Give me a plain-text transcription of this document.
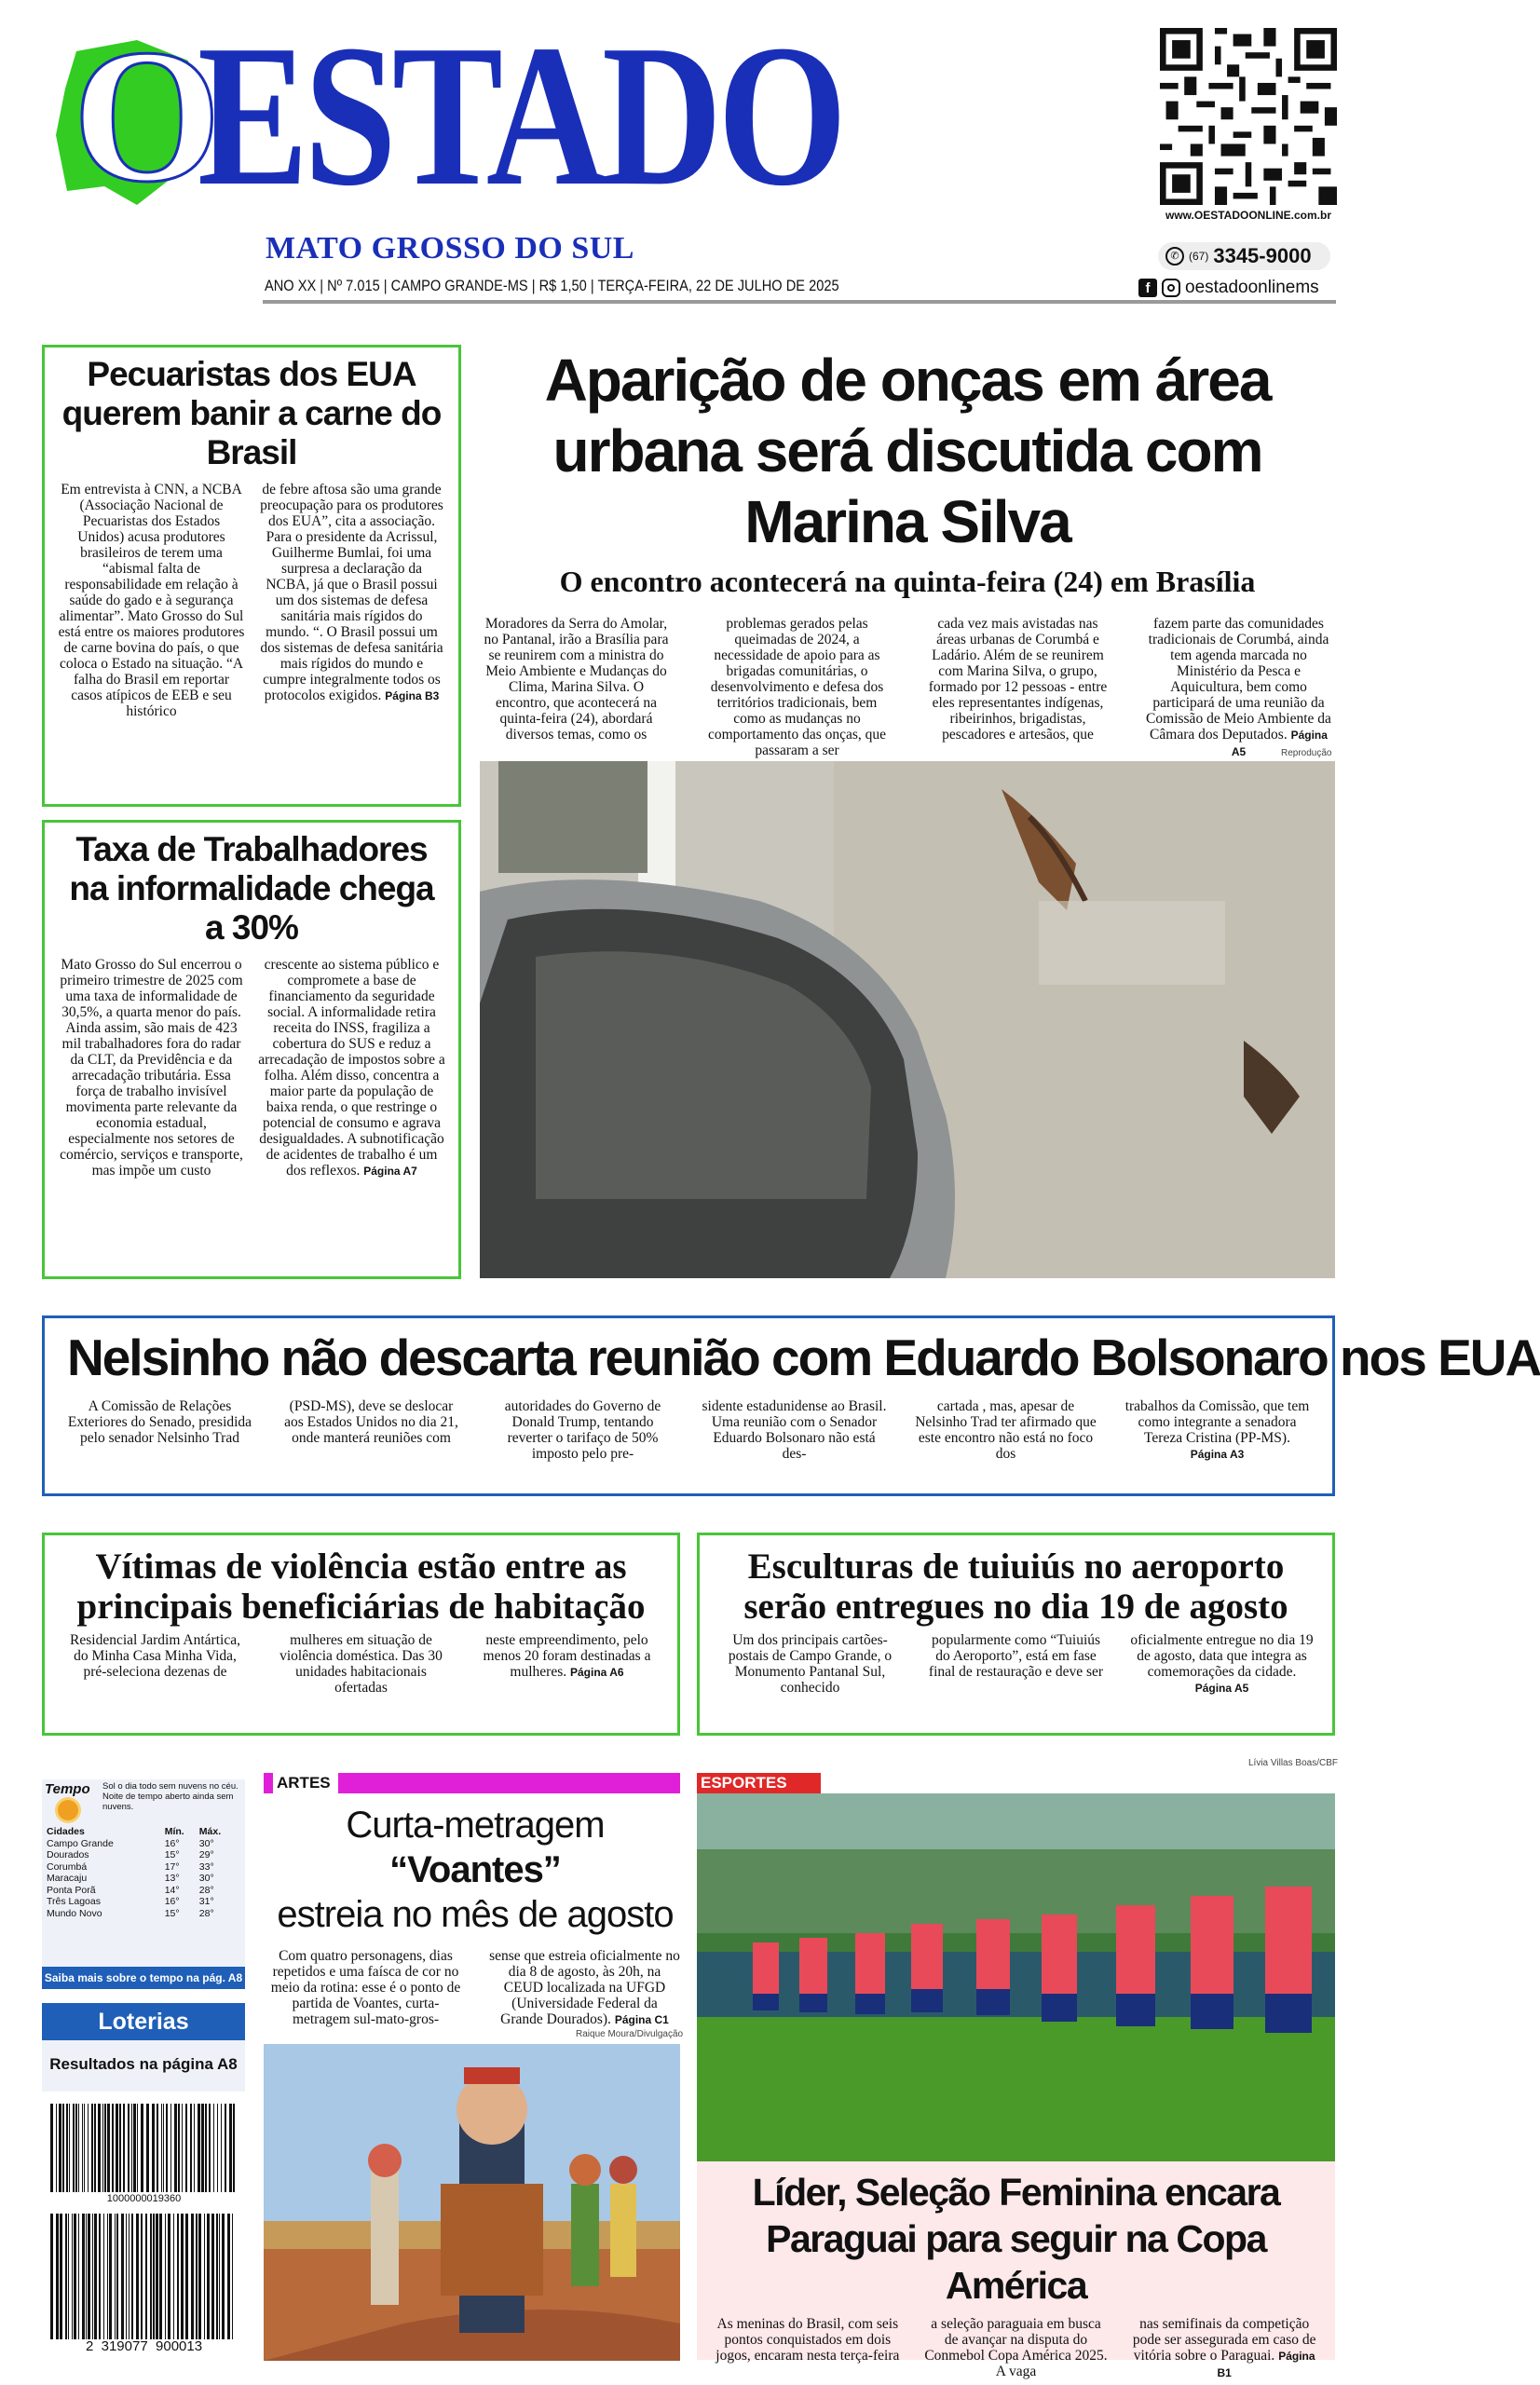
O
ESTADO
MATO GROSSO DO SUL
ANO XX | Nº 7.015 | CAMPO GRANDE-MS | R$ 1,50 | TERÇA-FEIRA, 22 DE JULHO DE 2025
www.OESTADOONLINE.com.br
✆ (67) 3345-9000
f	oestadoonlinems
Pecuaristas dos EUA querem banir a carne do Brasil
Em entrevista à CNN, a NCBA (Associação Nacional de Pecuaristas dos Estados Unidos) acusa produtores brasileiros de terem uma “abismal falta de responsabilidade em relação à saúde do gado e à segurança alimentar”. Mato Grosso do Sul está entre os maiores produtores de carne bovina do país, o que coloca o Estado na situação. “A falha do Brasil em reportar casos atípicos de EEB e seu histórico
de febre aftosa são uma grande preocupação para os produtores dos EUA”, cita a associação. Para o presidente da Acrissul, Guilherme Bumlai, foi uma surpresa a declaração da NCBA, já que o Brasil possui um dos sistemas de defesa sanitária mais rígidos do mundo. “. O Brasil possui um dos sistemas de defesa sanitária mais rígidos do mundo e cumpre integralmente todos os protocolos exigidos. Página B3
Aparição de onças em área urbana será discutida com Marina Silva
O encontro acontecerá na quinta-feira (24) em Brasília
Moradores da Serra do Amolar, no Pantanal, irão a Brasília para se reunirem com a ministra do Meio Ambiente e Mudanças do Clima, Marina Silva. O encontro, que acontecerá na quinta-feira (24), abordará diversos temas, como os
problemas gerados pelas queimadas de 2024, a necessidade de apoio para as brigadas comunitárias, o desenvolvimento e defesa dos territórios tradicionais, bem como as mudanças no comportamento das onças, que passaram a ser
cada vez mais avistadas nas áreas urbanas de Corumbá e Ladário. Além de se reunirem com Marina Silva, o grupo, formado por 12 pessoas - entre eles representantes indígenas, ribeirinhos, brigadistas, pescadores e artesãos, que
fazem parte das comunidades tradicionais de Corumbá, ainda tem agenda marcada no Ministério da Pesca e Aquicultura, bem como participará de uma reunião da Comissão de Meio Ambiente da Câmara dos Deputados. Página A5	Reprodução
Taxa de Trabalhadores na informalidade chega a 30%
Mato Grosso do Sul encerrou o primeiro trimestre de 2025 com uma taxa de informalidade de 30,5%, a quarta menor do país. Ainda assim, são mais de 423 mil trabalhadores fora do radar da CLT, da Previdência e da arrecadação tributária. Essa força de trabalho invisível movimenta parte relevante da economia estadual, especialmente nos setores de comércio, serviços e transporte, mas impõe um custo
crescente ao sistema público e compromete a base de financiamento da seguridade social. A informalidade retira receita do INSS, fragiliza a cobertura do SUS e reduz a arrecadação de impostos sobre a folha. Além disso, concentra a maior parte da população de baixa renda, o que restringe o potencial de consumo e agrava desigualdades. A subnotificação de acidentes de trabalho é um dos reflexos. Página A7
Nelsinho não descarta reunião com Eduardo Bolsonaro nos EUA
A Comissão de Relações Exteriores do Senado, presidida pelo senador Nelsinho Trad
(PSD-MS), deve se deslocar aos Estados Unidos no dia 21, onde manterá reuniões com
autoridades do Governo de Donald Trump, tentando reverter o tarifaço de 50% imposto pelo pre-
sidente estadunidense ao Brasil. Uma reunião com o Senador Eduardo Bolsonaro não está des-
cartada , mas, apesar de Nelsinho Trad ter afirmado que este encontro não está no foco dos
trabalhos da Comissão, que tem como integrante a senadora Tereza Cristina (PP-MS). Página A3
Vítimas de violência estão entre as principais beneficiárias de habitação
Residencial Jardim Antártica, do Minha Casa Minha Vida, pré-seleciona dezenas de
mulheres em situação de violência doméstica. Das 30 unidades habitacionais ofertadas
neste empreendimento, pelo menos 20 foram destinadas a mulheres. Página A6
Esculturas de tuiuiús no aeroporto serão entregues no dia 19 de agosto
Um dos principais cartões-postais de Campo Grande, o Monumento Pantanal Sul, conhecido
popularmente como “Tuiuiús do Aeroporto”, está em fase final de restauração e deve ser
oficialmente entregue no dia 19 de agosto, data que integra as comemorações da cidade. Página A5
Tempo	Sol o dia todo sem nuvens no céu. Noite de tempo aberto ainda sem nuvens.
Cidades	Mín.	Máx.
Campo Grande	16°	30°
Dourados	15°	29°
Corumbá	17°	33°
Maracaju	13°	30°
Ponta Porã	14°	28°
Três Lagoas	16°	31°
Mundo Novo	15°	28°
Saiba mais sobre o tempo na pág. A8
Loterias
Resultados na página A8
1000000019360
2  319077  900013
ARTES
Curta-metragem “Voantes”
estreia no mês de agosto
Com quatro personagens, dias repetidos e uma faísca de cor no meio da rotina: esse é o ponto de partida de Voantes, curta-metragem sul-mato-gros-
sense que estreia oficialmente no dia 8 de agosto, às 20h, na CEUD localizada na UFGD (Universidade Federal da Grande Dourados). Página C1
Raique Moura/Divulgação
ESPORTES
Lívia Villas Boas/CBF
Líder, Seleção Feminina encara Paraguai para seguir na Copa América
As meninas do Brasil, com seis pontos conquistados em dois jogos, encaram nesta terça-feira
a seleção paraguaia em busca de avançar na disputa do Conmebol Copa América 2025. A vaga
nas semifinais da competição pode ser assegurada em caso de vitória sobre o Paraguai. Página B1
